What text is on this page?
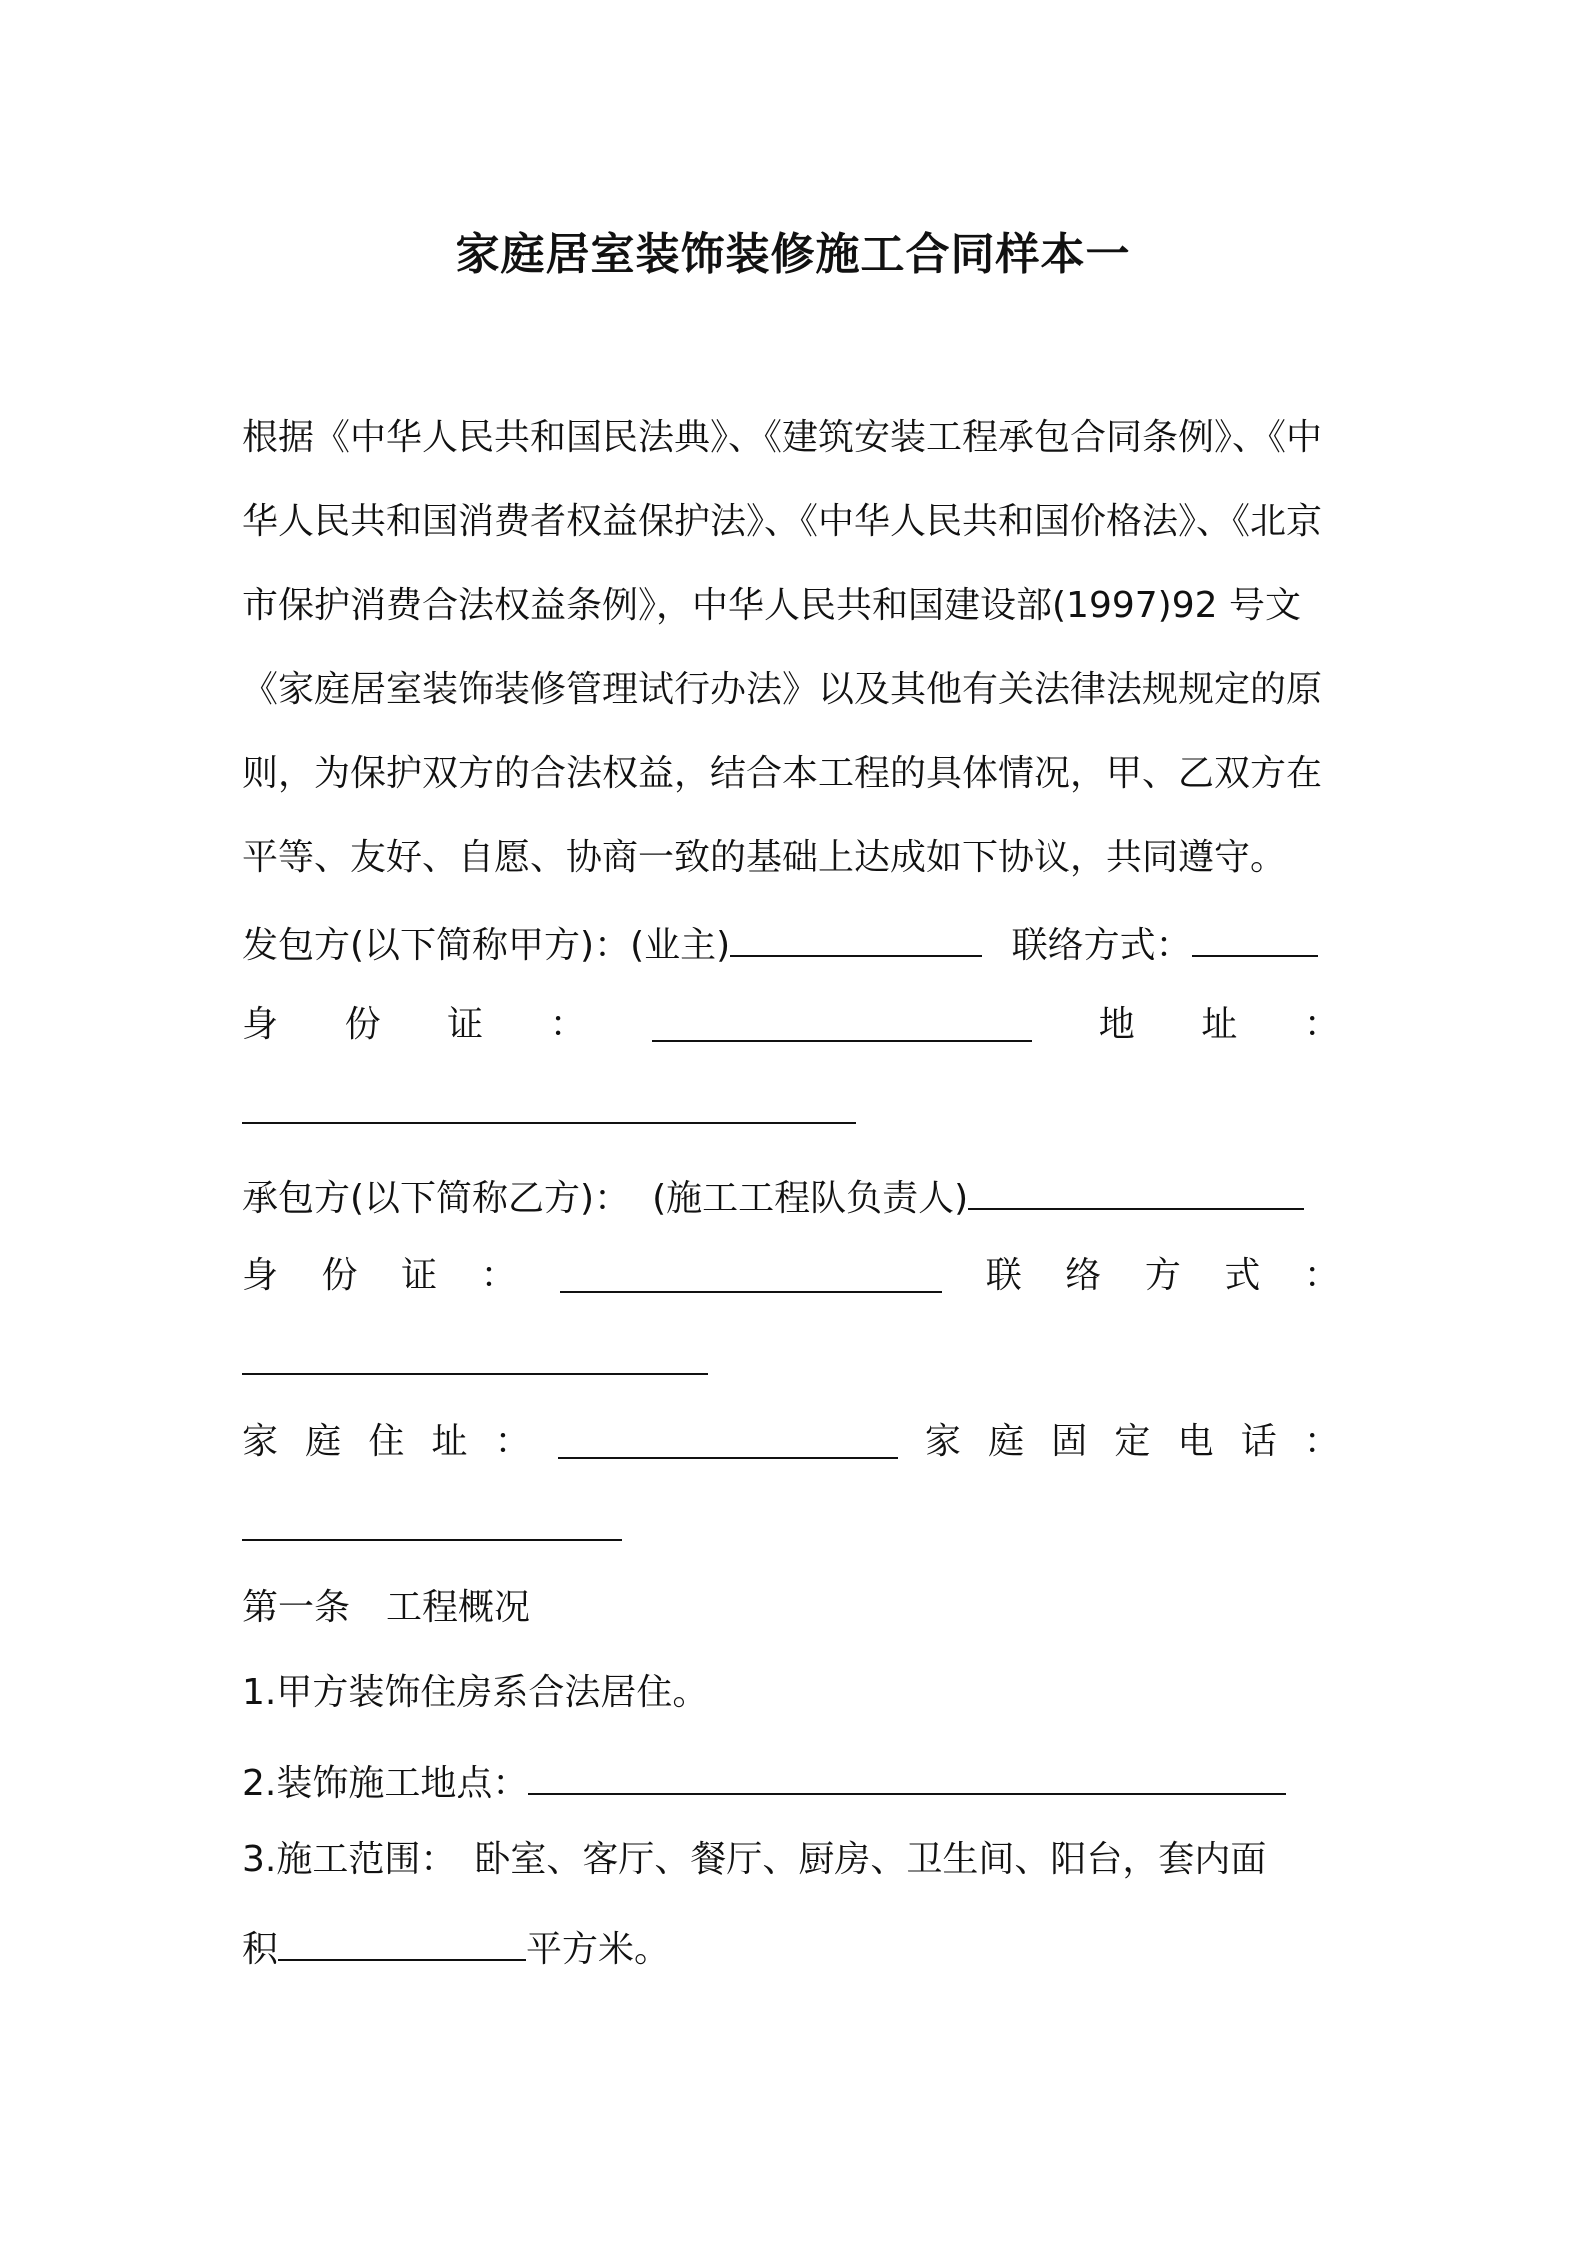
家庭居室装饰装修施工合同样本一
根据《中华人民共和国民法典》、《建筑安装工程承包合同条例》、《中
华人民共和国消费者权益保护法》、《中华人民共和国价格法》、《北京
市保护消费合法权益条例》，中华人民共和国建设部(1997)92 号文
《家庭居室装饰装修管理试行办法》以及其他有关法律法规规定的原
则，为保护双方的合法权益，结合本工程的具体情况，甲、乙双方在
平等、友好、自愿、协商一致的基础上达成如下协议，共同遵守。
发包方(以下简称甲方)：(业主)	联络方式：
身 份 证 ：	地 址 ：
承包方(以下简称乙方)： (施工工程队负责人)
身 份 证 ：	联 络 方 式 ：
家 庭 住 址 ：	家 庭 固 定 电 话 ：
第一条　工程概况
1.甲方装饰住房系合法居住。
2.装饰施工地点：
3.施工范围：　卧室、客厅、餐厅、厨房、卫生间、阳台，套内面
积	平方米。
